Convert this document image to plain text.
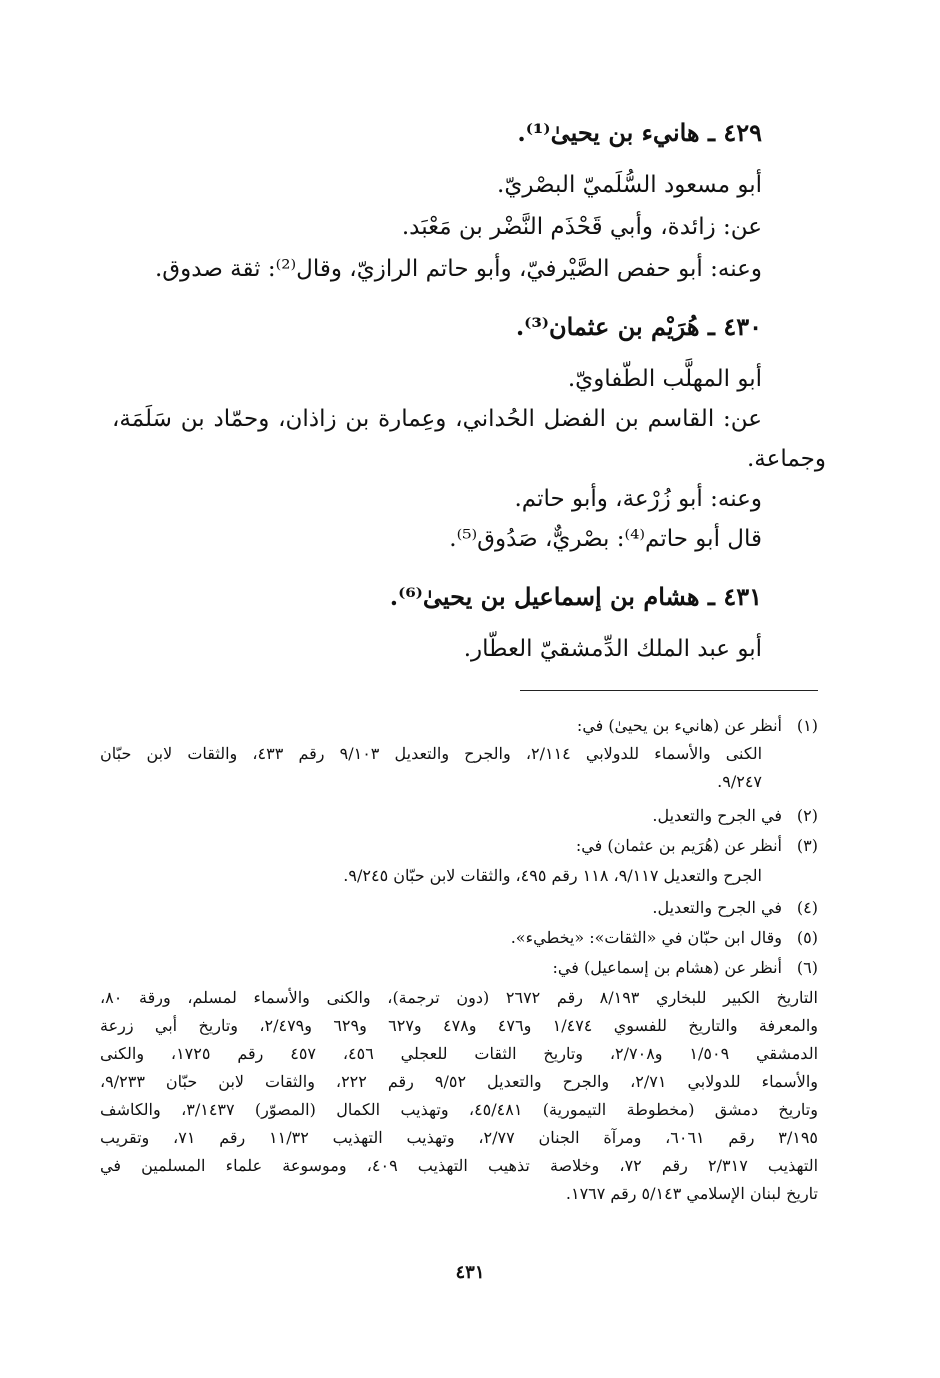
٤٢٩ ـ هانيء بن يحيىٰ⁽¹⁾.
أبو مسعود السُّلَميّ البصْريّ.
عن: زائدة، وأبي قَحْذَم النَّضْر بن مَعْبَد.
وعنه: أبو حفص الصَّيْرفيّ، وأبو حاتم الرازيّ، وقال⁽²⁾: ثقة صدوق.
٤٣٠ ـ هُرَيْم بن عثمان⁽³⁾.
أبو المهلَّب الطّفاويّ.
عن: القاسم بن الفضل الحُداني، وعِمارة بن زاذان، وحمّاد بن سَلَمَة،
وجماعة.
وعنه: أبو زُرْعة، وأبو حاتم.
قال أبو حاتم⁽⁴⁾: بصْريٌّ، صَدُوق⁽⁵⁾.
٤٣١ ـ هشام بن إسماعيل بن يحيىٰ⁽⁶⁾.
أبو عبد الملك الدِّمشقيّ العطّار.
(١)أنظر عن (هانيء بن يحيىٰ) في:
الكنى والأسماء للدولابي ٢/١١٤، والجرح والتعديل ٩/١٠٣ رقم ٤٣٣، والثقات لابن حبّان
٩/٢٤٧.
(٢)في الجرح والتعديل.
(٣)أنظر عن (هُرَيم بن عثمان) في:
الجرح والتعديل ٩/١١٧، ١١٨ رقم ٤٩٥، والثقات لابن حبّان ٩/٢٤٥.
(٤)في الجرح والتعديل.
(٥)وقال ابن حبّان في «الثقات»: «يخطيء».
(٦)أنظر عن (هشام بن إسماعيل) في:
التاريخ الكبير للبخاري ٨/١٩٣ رقم ٢٦٧٢ (دون ترجمة)، والكنى والأسماء لمسلم، ورقة ٨٠،
والمعرفة والتاريخ للفسوي ١/٤٧٤ و٤٧٦ و٤٧٨ و٦٢٧ و٦٢٩ و٢/٤٧٩، وتاريخ أبي زرعة
الدمشقي ١/٥٠٩ و٢/٧٠٨، وتاريخ الثقات للعجلي ٤٥٦، ٤٥٧ رقم ١٧٢٥، والكنى
والأسماء للدولابي ٢/٧١، والجرح والتعديل ٩/٥٢ رقم ٢٢٢، والثقات لابن حبّان ٩/٢٣٣،
وتاريخ دمشق (مخطوطة التيمورية) ٤٥/٤٨١، وتهذيب الكمال (المصوّر) ٣/١٤٣٧، والكاشف
٣/١٩٥ رقم ٦٠٦١، ومرآة الجنان ٢/٧٧، وتهذيب التهذيب ١١/٣٢ رقم ٧١، وتقريب
التهذيب ٢/٣١٧ رقم ٧٢، وخلاصة تذهيب التهذيب ٤٠٩، وموسوعة علماء المسلمين في
تاريخ لبنان الإسلامي ٥/١٤٣ رقم ١٧٦٧.
٤٣١
